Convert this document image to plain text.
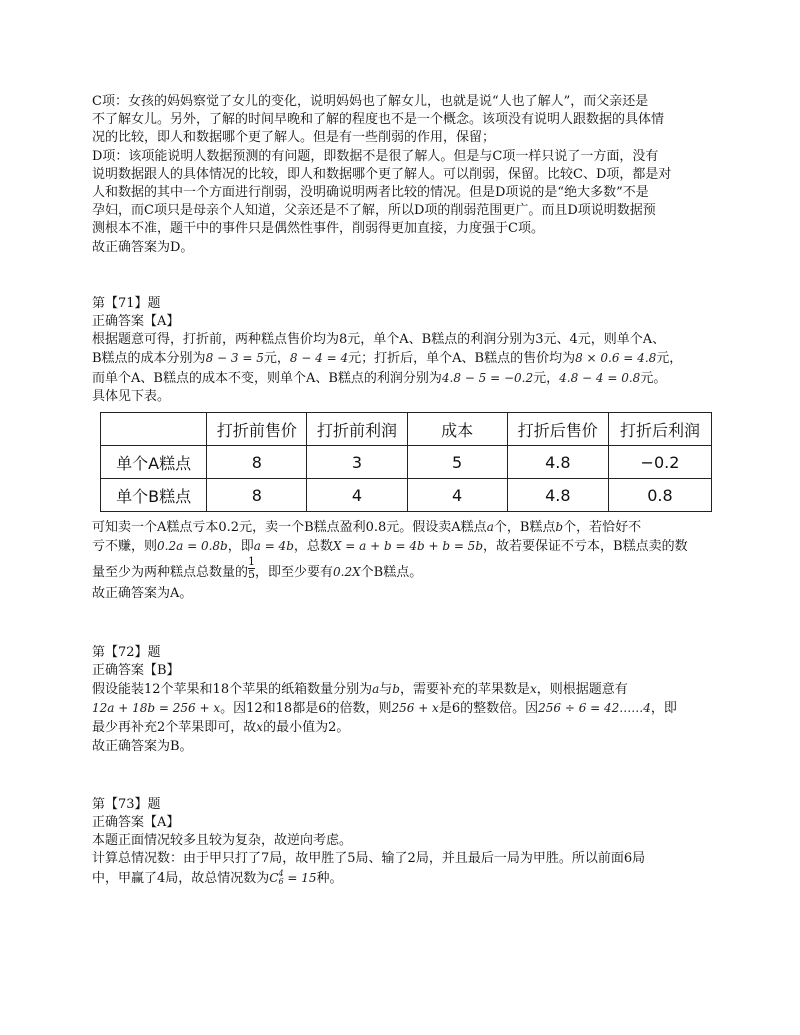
C项：女孩的妈妈察觉了女儿的变化，说明妈妈也了解女儿，也就是说“人也了解人”，而父亲还是

不了解女儿。另外，了解的时间早晚和了解的程度也不是一个概念。该项没有说明人跟数据的具体情

况的比较，即人和数据哪个更了解人。但是有一些削弱的作用，保留；

D项：该项能说明人数据预测的有问题，即数据不是很了解人。但是与C项一样只说了一方面，没有

说明数据跟人的具体情况的比较，即人和数据哪个更了解人。可以削弱，保留。比较C、D项，都是对

人和数据的其中一个方面进行削弱，没明确说明两者比较的情况。但是D项说的是“绝大多数”不是

孕妇，而C项只是母亲个人知道，父亲还是不了解，所以D项的削弱范围更广。而且D项说明数据预

测根本不准，题干中的事件只是偶然性事件，削弱得更加直接，力度强于C项。

故正确答案为D。

第【71】题

正确答案【A】

根据题意可得，打折前，两种糕点售价均为8元，单个A、B糕点的利润分别为3元、4元，则单个A、

B糕点的成本分别为8 − 3 = 5元，8 − 4 = 4元；打折后，单个A、B糕点的售价均为8 × 0.6 = 4.8元，

而单个A、B糕点的成本不变，则单个A、B糕点的利润分别为4.8 − 5 = −0.2元，4.8 − 4 = 0.8元。

具体见下表。

	打折前售价	打折前利润	成本	打折后售价	打折后利润
单个A糕点	8	3	5	4.8	−0.2
单个B糕点	8	4	4	4.8	0.8

可知卖一个A糕点亏本0.2元，卖一个B糕点盈利0.8元。假设卖A糕点a个，B糕点b个，若恰好不

亏不赚，则0.2a = 0.8b，即a = 4b，总数X = a + b = 4b + b = 5b，故若要保证不亏本，B糕点卖的数

量至少为两种糕点总数量的 $\frac{1}{5}$ ，即至少要有0.2X个B糕点。

故正确答案为A。

第【72】题

正确答案【B】

假设能装12个苹果和18个苹果的纸箱数量分别为a与b，需要补充的苹果数是x，则根据题意有

12a + 18b = 256 + x。因12和18都是6的倍数，则256 + x是6的整数倍。因256 ÷ 6 = 42……4，即

最少再补充2个苹果即可，故x的最小值为2。

故正确答案为B。

第【73】题

正确答案【A】

本题正面情况较多且较为复杂，故逆向考虑。

计算总情况数：由于甲只打了7局，故甲胜了5局、输了2局，并且最后一局为甲胜。所以前面6局

中，甲赢了4局，故总情况数为C 4
6 = 15种。
